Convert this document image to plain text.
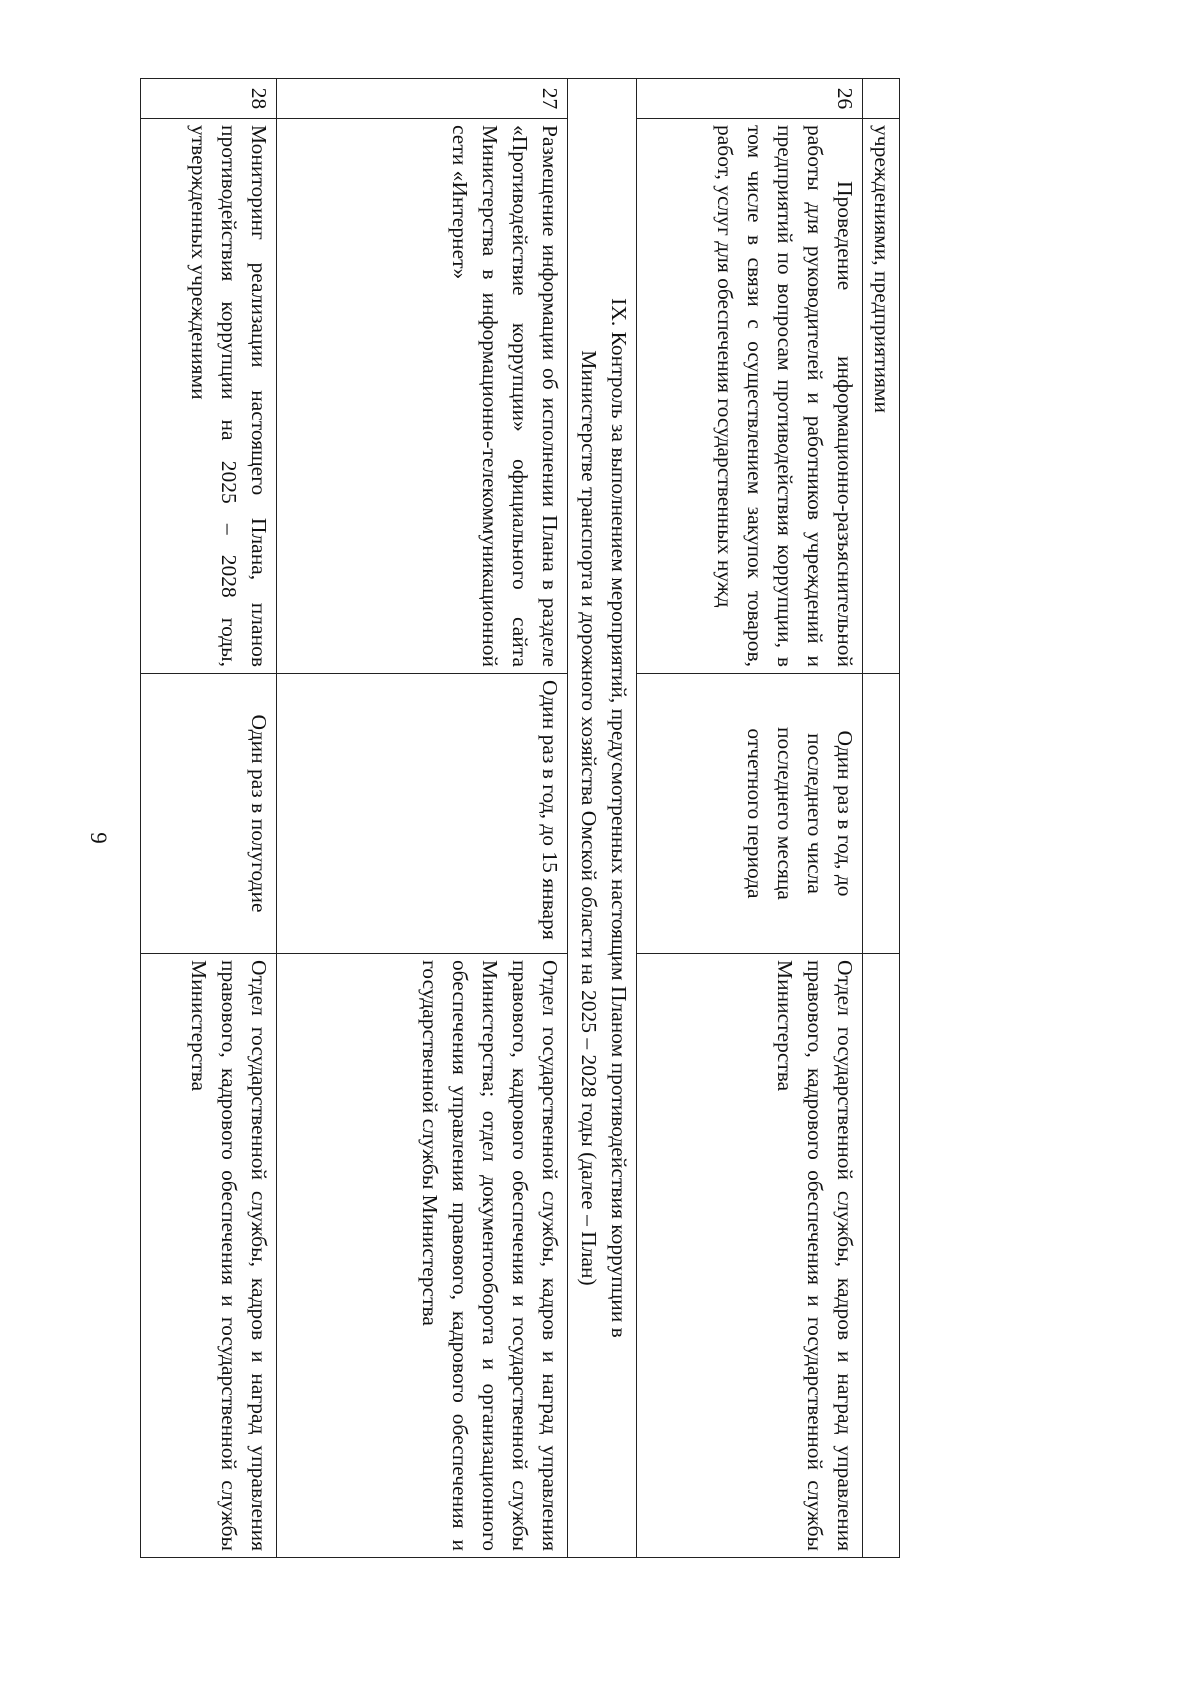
9
	учреждениями, предприятиями		
26	Проведение информационно-разъяснительной работы для руководителей и работников учреждений и предприятий по вопросам противодействия коррупции, в том числе в связи с осуществлением закупок товаров, работ, услуг для обеспечения государственных нужд	Один раз в год, до последнего числа последнего месяца отчетного периода	Отдел государственной службы, кадров и наград управления правового, кадрового обеспечения и государственной службы Министерства

IX. Контроль за выполнением мероприятий, предусмотренных настоящим Планом противодействия коррупции в
Министерстве транспорта и дорожного хозяйства Омской области на 2025 – 2028 годы (далее – План)			

27	Размещение информации об исполнении Плана в разделе «Противодействие коррупции» официального сайта Министерства в информационно-телекоммуникационной сети «Интернет»	Один раз в год, до 15 января	Отдел государственной службы, кадров и наград управления правового, кадрового обеспечения и государственной службы Министерства; отдел документооборота и организационного обеспечения управления правового, кадрового обеспечения и государственной службы Министерства
28	Мониторинг реализации настоящего Плана, планов противодействия коррупции на 2025 – 2028 годы, утвержденных учреждениями	Один раз в полугодие	Отдел государственной службы, кадров и наград управления правового, кадрового обеспечения и государственной службы Министерства
